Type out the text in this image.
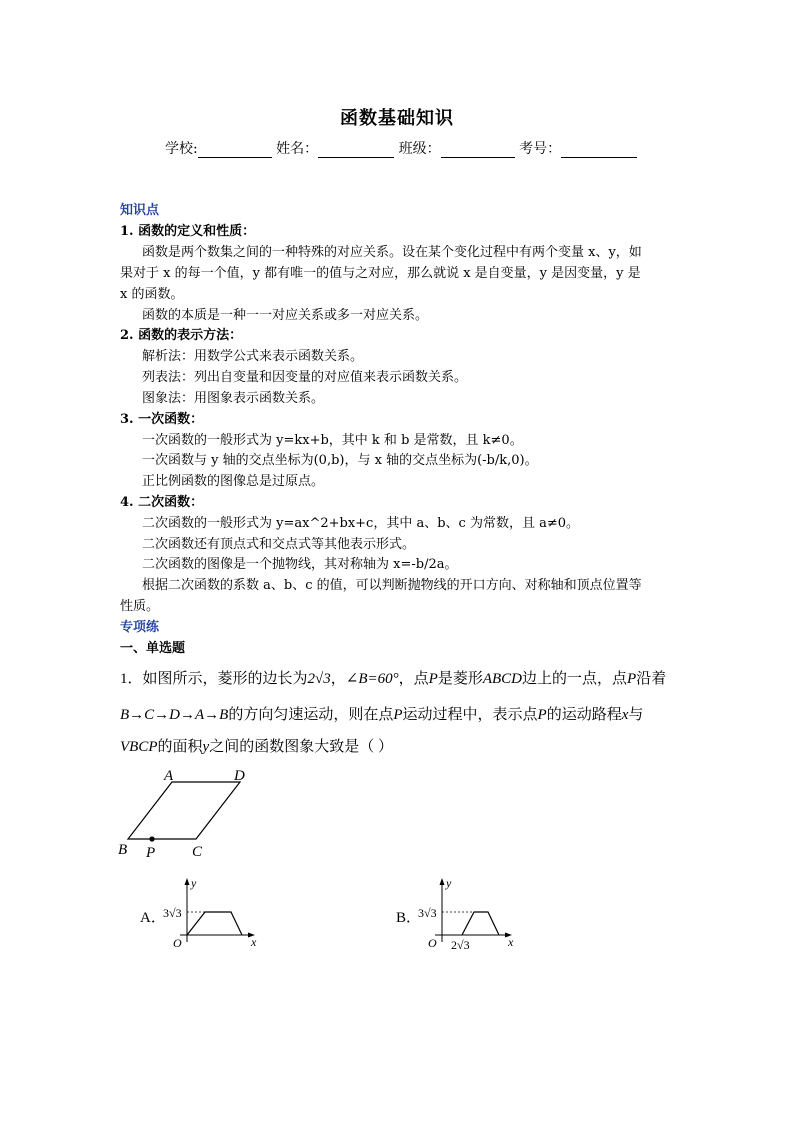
函数基础知识
学校:	姓名：	班级：	考号：
知识点
1. 函数的定义和性质：
函数是两个数集之间的一种特殊的对应关系。设在某个变化过程中有两个变量 x、y，如
果对于 x 的每一个值，y 都有唯一的值与之对应，那么就说 x 是自变量，y 是因变量，y 是
x 的函数。
函数的本质是一种一一对应关系或多一对应关系。
2. 函数的表示方法：
解析法：用数学公式来表示函数关系。
列表法：列出自变量和因变量的对应值来表示函数关系。
图象法：用图象表示函数关系。
3. 一次函数：
一次函数的一般形式为 y=kx+b，其中 k 和 b 是常数，且 k≠0。
一次函数与 y 轴的交点坐标为(0,b)，与 x 轴的交点坐标为(-b/k,0)。
正比例函数的图像总是过原点。
4. 二次函数：
二次函数的一般形式为 y=ax^2+bx+c，其中 a、b、c 为常数，且 a≠0。
二次函数还有顶点式和交点式等其他表示形式。
二次函数的图像是一个抛物线，其对称轴为 x=-b/2a。
根据二次函数的系数 a、b、c 的值，可以判断抛物线的开口方向、对称轴和顶点位置等
性质。
专项练
一、单选题
1．如图所示，菱形的边长为2√3，∠B=60°，点P是菱形ABCD边上的一点，点P沿着
B→C→D→A→B的方向匀速运动，则在点P运动过程中，表示点P的运动路程x与
VBCP的面积y之间的函数图象大致是（ ）
A	D
B P C
A．
y
3√3
O	x
B．
y
3√3
O 2√3	x
